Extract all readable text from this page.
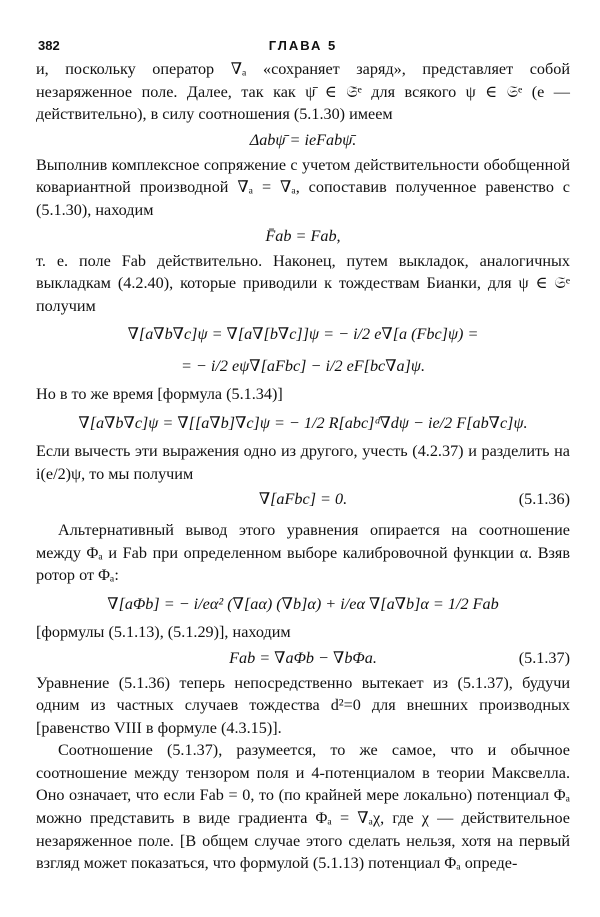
382	ГЛАВА 5

и, поскольку оператор ∇ₐ «сохраняет заряд», представляет собой незаряженное поле. Далее, так как ψ̄ ∈ 𝔖̄ᵉ для всякого ψ ∈ 𝔖ᵉ (e — действительно), в силу соотношения (5.1.30) имеем

Δabψ̄ = ieFabψ̄.

Выполнив комплексное сопряжение с учетом действительности обобщенной ковариантной производной ∇̄ₐ = ∇ₐ, сопоставив полученное равенство с (5.1.30), находим

F̄ab = Fab,

т. е. поле Fab действительно. Наконец, путем выкладок, аналогичных выкладкам (4.2.40), которые приводили к тождествам Бианки, для ψ ∈ 𝔖ᵉ получим

∇[a∇b∇c]ψ = ∇[a∇[b∇c]]ψ = − i/2 e∇[a (Fbc]ψ) =
= − i/2 eψ∇[aFbc] − i/2 eF[bc∇a]ψ.

Но в то же время [формула (5.1.34)]

∇[a∇b∇c]ψ = ∇[[a∇b]∇c]ψ = − 1/2 R[abc]ᵈ∇dψ − ie/2 F[ab∇c]ψ.

Если вычесть эти выражения одно из другого, учесть (4.2.37) и разделить на i(e/2)ψ, то мы получим

∇[aFbc] = 0.	(5.1.36)

Альтернативный вывод этого уравнения опирается на соотношение между Φₐ и Fab при определенном выборе калибровочной функции α. Взяв ротор от Φₐ:

∇[aΦb] = − i/eα² (∇[aα) (∇b]α) + i/eα ∇[a∇b]α = 1/2 Fab

[формулы (5.1.13), (5.1.29)], находим

Fab = ∇aΦb − ∇bΦa.	(5.1.37)

Уравнение (5.1.36) теперь непосредственно вытекает из (5.1.37), будучи одним из частных случаев тождества d²=0 для внешних производных [равенство VIII в формуле (4.3.15)].

Соотношение (5.1.37), разумеется, то же самое, что и обычное соотношение между тензором поля и 4-потенциалом в теории Максвелла. Оно означает, что если Fab = 0, то (по крайней мере локально) потенциал Φₐ можно представить в виде градиента Φₐ = ∇ₐχ, где χ — действительное незаряженное поле. [В общем случае этого сделать нельзя, хотя на первый взгляд может показаться, что формулой (5.1.13) потенциал Φₐ опреде-
